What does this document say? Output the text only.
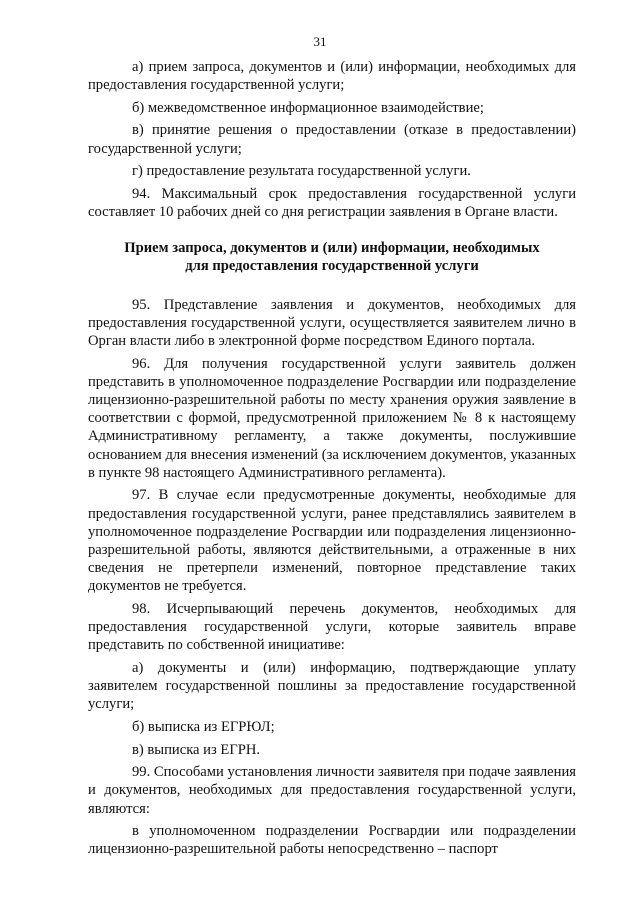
31

а) прием запроса, документов и (или) информации, необходимых для предоставления государственной услуги;

б) межведомственное информационное взаимодействие;

в) принятие решения о предоставлении (отказе в предоставлении) государственной услуги;

г) предоставление результата государственной услуги.

94. Максимальный срок предоставления государственной услуги составляет 10 рабочих дней со дня регистрации заявления в Органе власти.

Прием запроса, документов и (или) информации, необходимых
для предоставления государственной услуги

95. Представление заявления и документов, необходимых для предоставления государственной услуги, осуществляется заявителем лично в Орган власти либо в электронной форме посредством Единого портала.

96. Для получения государственной услуги заявитель должен представить в уполномоченное подразделение Росгвардии или подразделение лицензионно-разрешительной работы по месту хранения оружия заявление в соответствии с формой, предусмотренной приложением № 8 к настоящему Административному регламенту, а также документы, послужившие основанием для внесения изменений (за исключением документов, указанных в пункте 98 настоящего Административного регламента).

97. В случае если предусмотренные документы, необходимые для предоставления государственной услуги, ранее представлялись заявителем в уполномоченное подразделение Росгвардии или подразделения лицензионно-разрешительной работы, являются действительными, а отраженные в них сведения не претерпели изменений, повторное представление таких документов не требуется.

98. Исчерпывающий перечень документов, необходимых для предоставления государственной услуги, которые заявитель вправе представить по собственной инициативе:

а) документы и (или) информацию, подтверждающие уплату заявителем государственной пошлины за предоставление государственной услуги;

б) выписка из ЕГРЮЛ;

в) выписка из ЕГРН.

99. Способами установления личности заявителя при подаче заявления и документов, необходимых для предоставления государственной услуги, являются:

в уполномоченном подразделении Росгвардии или подразделении лицензионно-разрешительной работы непосредственно – паспорт
